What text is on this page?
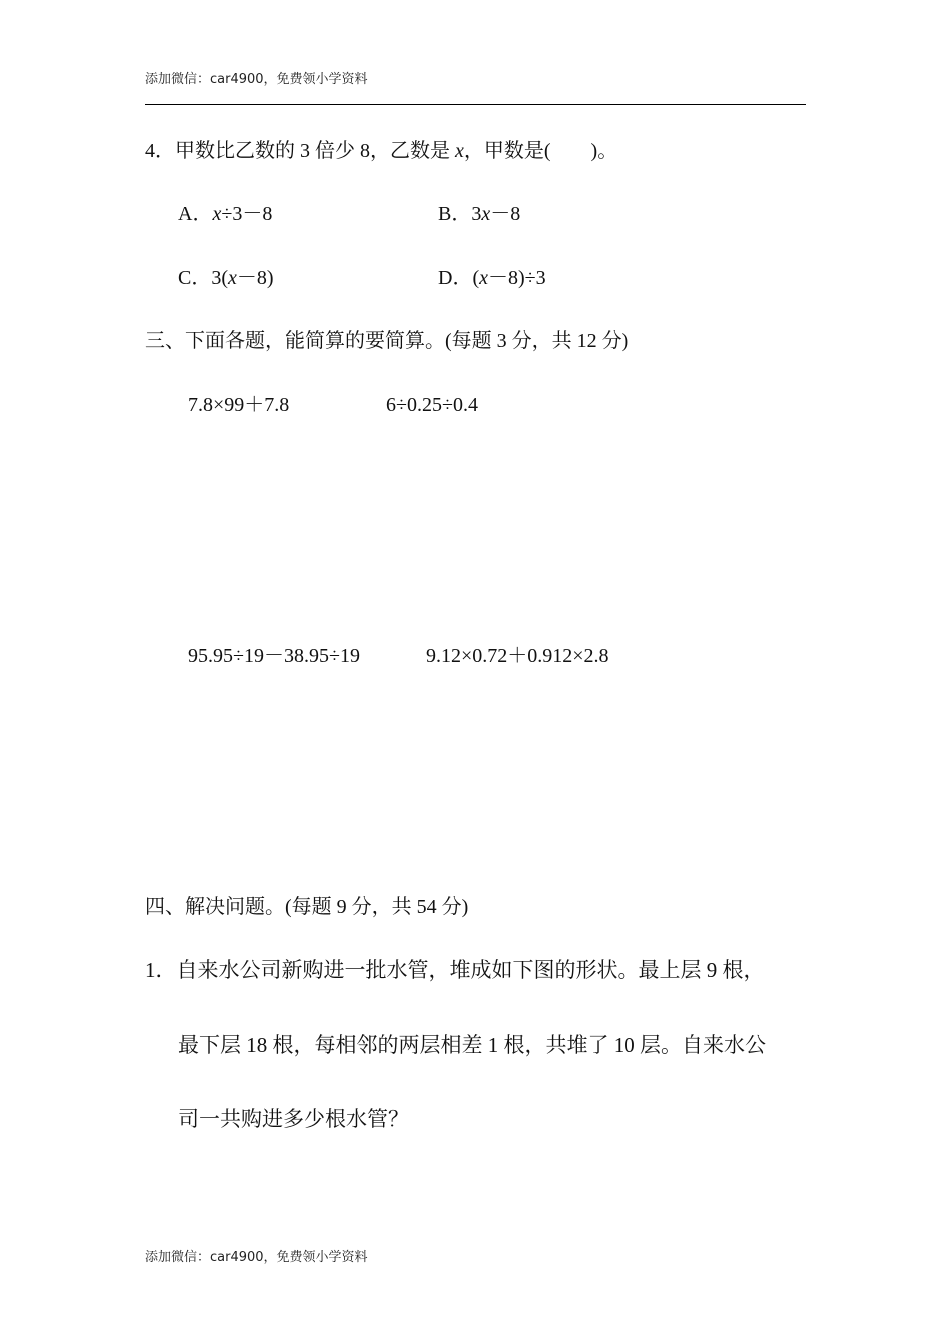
添加微信：car4900，免费领小学资料
4．甲数比乙数的 3 倍少 8，乙数是 x，甲数是(　　)。
A．x÷3－8	B．3x－8
C．3(x－8)	D．(x－8)÷3
三、下面各题，能简算的要简算。(每题 3 分，共 12 分)
7.8×99＋7.8	6÷0.25÷0.4
95.95÷19－38.95÷19	9.12×0.72＋0.912×2.8
四、解决问题。(每题 9 分，共 54 分)
1．自来水公司新购进一批水管，堆成如下图的形状。最上层 9 根，
最下层 18 根，每相邻的两层相差 1 根，共堆了 10 层。自来水公
司一共购进多少根水管？
添加微信：car4900，免费领小学资料
